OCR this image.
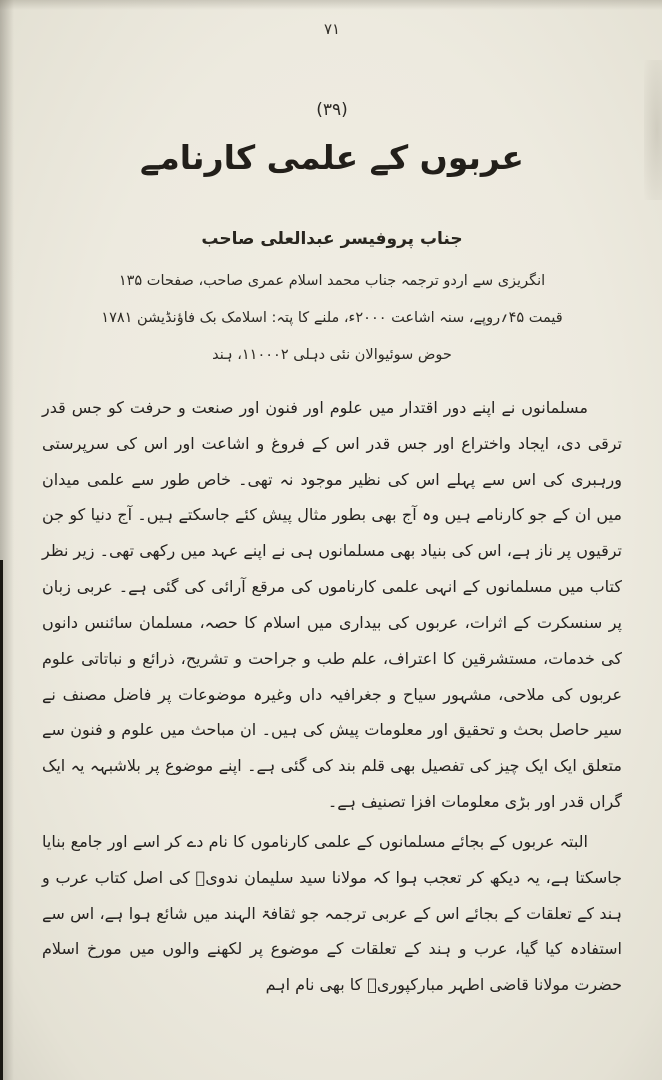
۷۱
(۳۹)
عربوں کے علمی کارنامے
جناب پروفیسر عبدالعلی صاحب
انگریزی سے اردو ترجمہ جناب محمد اسلام عمری صاحب، صفحات ۱۳۵
قیمت ۴۵؍روپے، سنہ اشاعت ۲۰۰۰ء، ملنے کا پتہ: اسلامک بک فاؤنڈیشن ۱۷۸۱
حوض سوئیوالان نئی دہلی ۱۱۰۰۰۲، ہند

مسلمانوں نے اپنے دور اقتدار میں علوم اور فنون اور صنعت و حرفت کو جس قدر ترقی دی، ایجاد واختراع اور جس قدر اس کے فروغ و اشاعت اور اس کی سرپرستی ورہبری کی اس سے پہلے اس کی نظیر موجود نہ تھی۔ خاص طور سے علمی میدان میں ان کے جو کارنامے ہیں وہ آج بھی بطور مثال پیش کئے جاسکتے ہیں۔ آج دنیا کو جن ترقیوں پر ناز ہے، اس کی بنیاد بھی مسلمانوں ہی نے اپنے عہد میں رکھی تھی۔ زیر نظر کتاب میں مسلمانوں کے انہی علمی کارناموں کی مرقع آرائی کی گئی ہے۔ عربی زبان پر سنسکرت کے اثرات، عربوں کی بیداری میں اسلام کا حصہ، مسلمان سائنس دانوں کی خدمات، مستشرقین کا اعتراف، علم طب و جراحت و تشریح، ذرائع و نباتاتی علوم عربوں کی ملاحی، مشہور سیاح و جغرافیہ داں وغیرہ موضوعات پر فاضل مصنف نے سیر حاصل بحث و تحقیق اور معلومات پیش کی ہیں۔ ان مباحث میں علوم و فنون سے متعلق ایک ایک چیز کی تفصیل بھی قلم بند کی گئی ہے۔ اپنے موضوع پر بلاشبہہ یہ ایک گراں قدر اور بڑی معلومات افزا تصنیف ہے۔

البتہ عربوں کے بجائے مسلمانوں کے علمی کارناموں کا نام دے کر اسے اور جامع بنایا جاسکتا ہے، یہ دیکھ کر تعجب ہوا کہ مولانا سید سلیمان ندویؒ کی اصل کتاب عرب و ہند کے تعلقات کے بجائے اس کے عربی ترجمہ جو ثقافۃ الہند میں شائع ہوا ہے، اس سے استفادہ کیا گیا، عرب و ہند کے تعلقات کے موضوع پر لکھنے والوں میں مورخ اسلام حضرت مولانا قاضی اطہر مبارکپوریؒ کا بھی نام اہم
